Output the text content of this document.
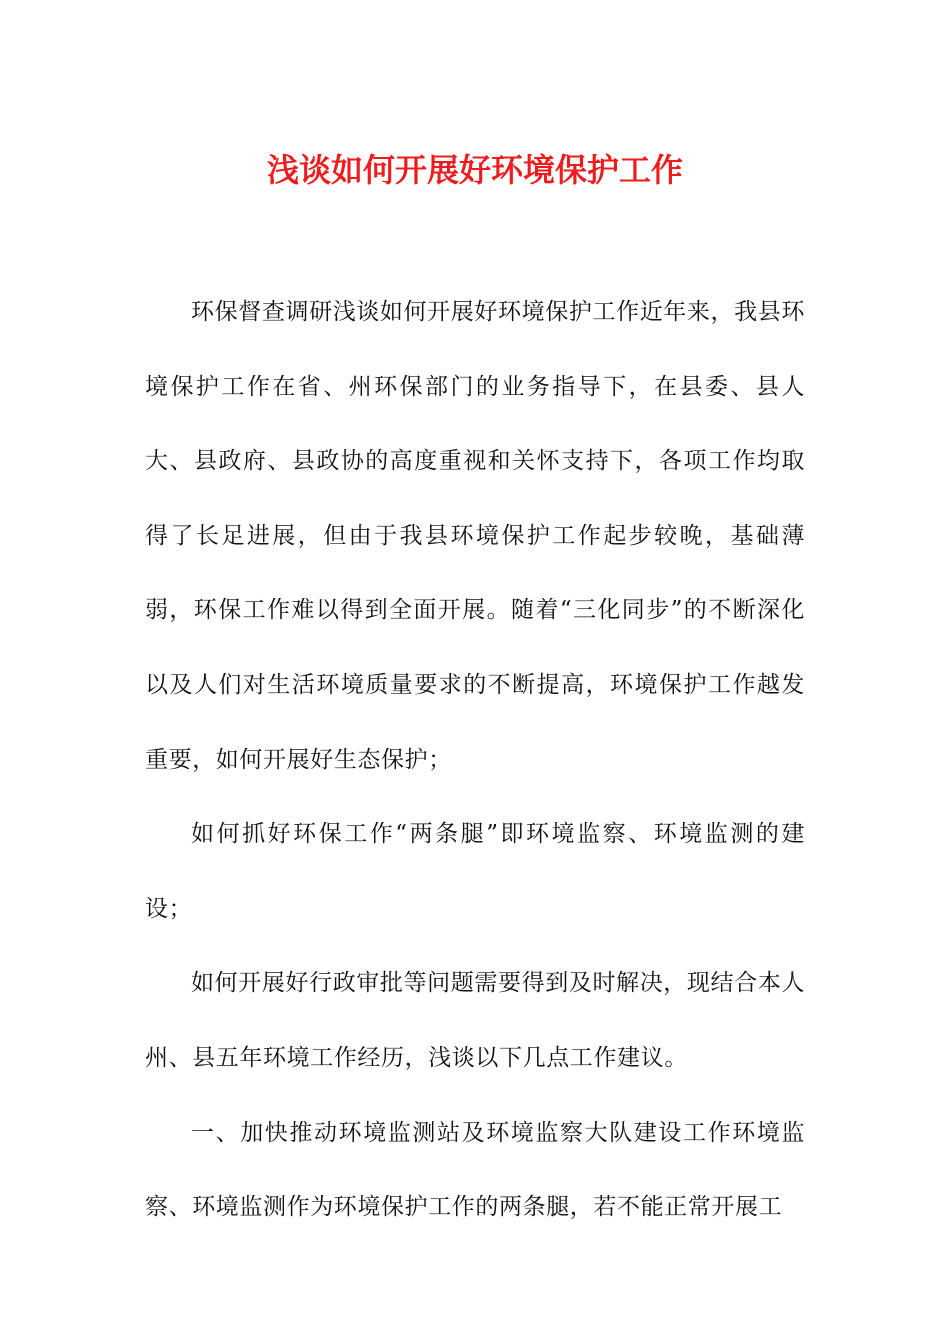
浅谈如何开展好环境保护工作

环保督查调研浅谈如何开展好环境保护工作近年来，我县环境保护工作在省、州环保部门的业务指导下，在县委、县人大、县政府、县政协的高度重视和关怀支持下，各项工作均取得了长足进展，但由于我县环境保护工作起步较晚，基础薄弱，环保工作难以得到全面开展。随着“三化同步”的不断深化以及人们对生活环境质量要求的不断提高，环境保护工作越发重要，如何开展好生态保护；

如何抓好环保工作“两条腿”即环境监察、环境监测的建设；

如何开展好行政审批等问题需要得到及时解决，现结合本人州、县五年环境工作经历，浅谈以下几点工作建议。

一、加快推动环境监测站及环境监察大队建设工作环境监察、环境监测作为环境保护工作的两条腿，若不能正常开展工
